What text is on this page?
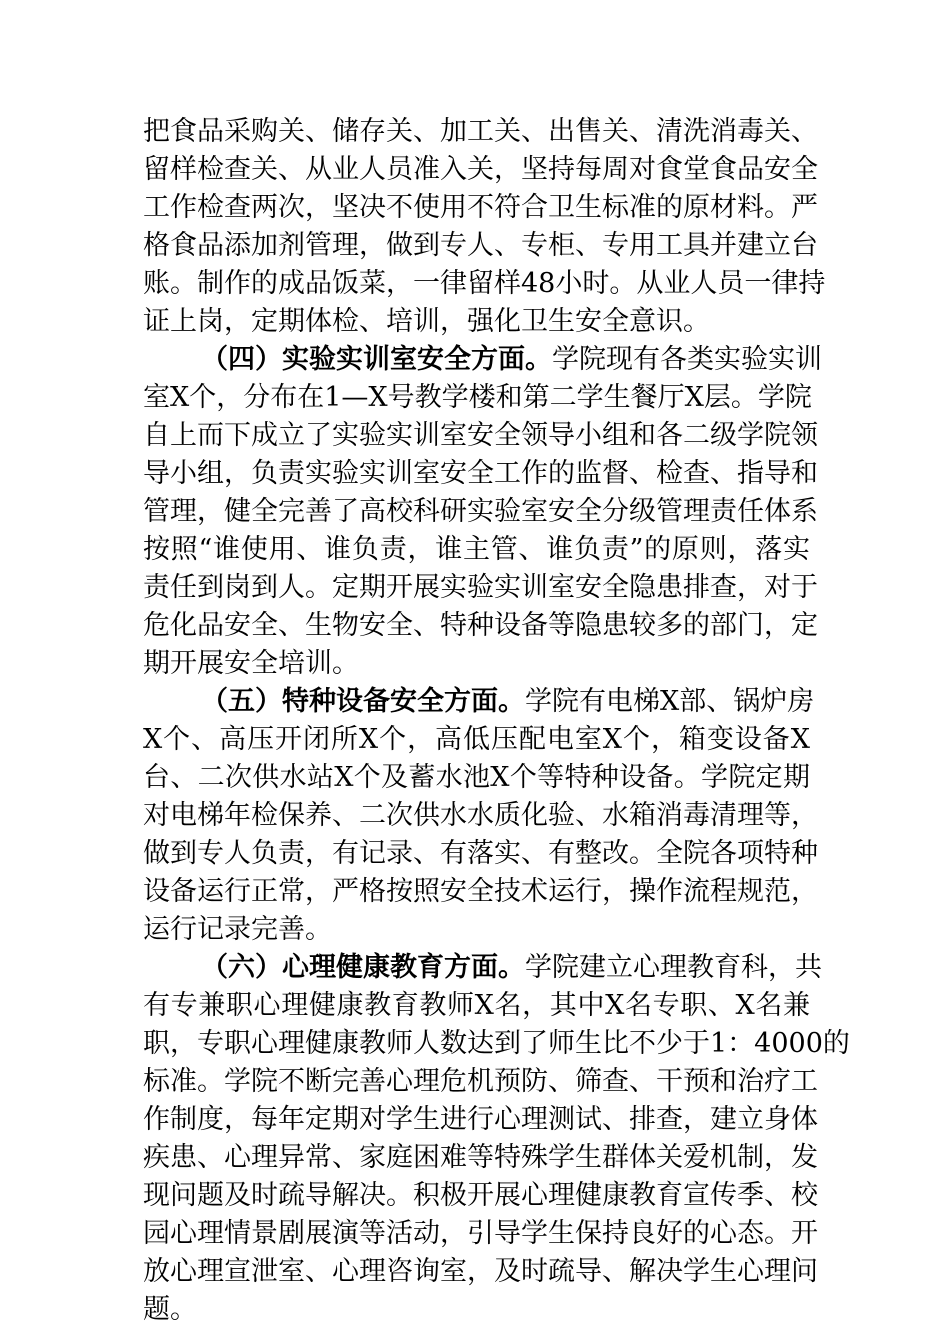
把食品采购关、储存关、加工关、出售关、清洗消毒关、
留样检查关、从业人员准入关，坚持每周对食堂食品安全
工作检查两次，坚决不使用不符合卫生标准的原材料。严
格食品添加剂管理，做到专人、专柜、专用工具并建立台
账。制作的成品饭菜，一律留样48小时。从业人员一律持
证上岗，定期体检、培训，强化卫生安全意识。
（四）实验实训室安全方面。学院现有各类实验实训
室X个，分布在1—X号教学楼和第二学生餐厅X层。学院
自上而下成立了实验实训室安全领导小组和各二级学院领
导小组，负责实验实训室安全工作的监督、检查、指导和
管理，健全完善了高校科研实验室安全分级管理责任体系
按照“谁使用、谁负责，谁主管、谁负责”的原则，落实
责任到岗到人。定期开展实验实训室安全隐患排查，对于
危化品安全、生物安全、特种设备等隐患较多的部门，定
期开展安全培训。
（五）特种设备安全方面。学院有电梯X部、锅炉房
X个、高压开闭所X个，高低压配电室X个，箱变设备X
台、二次供水站X个及蓄水池X个等特种设备。学院定期
对电梯年检保养、二次供水水质化验、水箱消毒清理等，
做到专人负责，有记录、有落实、有整改。全院各项特种
设备运行正常，严格按照安全技术运行，操作流程规范，
运行记录完善。
（六）心理健康教育方面。学院建立心理教育科，共
有专兼职心理健康教育教师X名，其中X名专职、X名兼
职，专职心理健康教师人数达到了师生比不少于1：4000的
标准。学院不断完善心理危机预防、筛查、干预和治疗工
作制度，每年定期对学生进行心理测试、排查，建立身体
疾患、心理异常、家庭困难等特殊学生群体关爱机制，发
现问题及时疏导解决。积极开展心理健康教育宣传季、校
园心理情景剧展演等活动，引导学生保持良好的心态。开
放心理宣泄室、心理咨询室，及时疏导、解决学生心理问
题。
